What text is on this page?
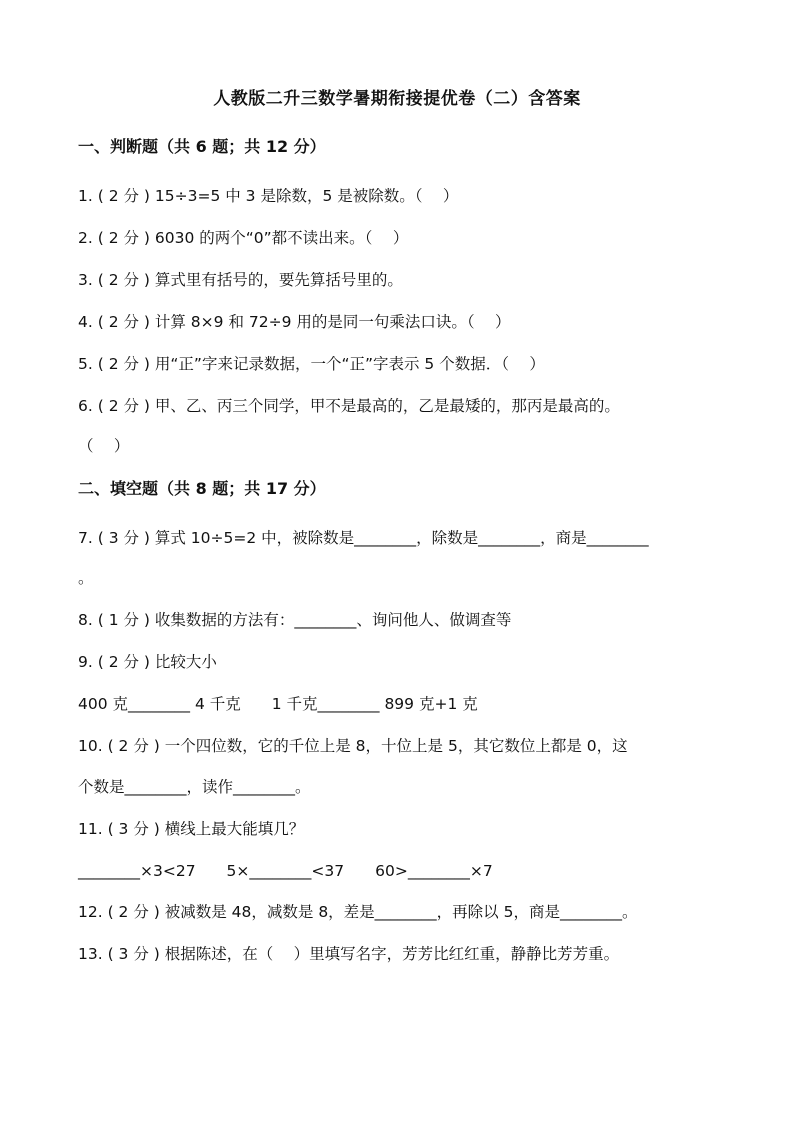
人教版二升三数学暑期衔接提优卷（二）含答案
一、判断题（共 6 题；共 12 分）
1. ( 2 分 ) 15÷3=5 中 3 是除数，5 是被除数。（　 ）
2. ( 2 分 ) 6030 的两个“0”都不读出来。（　 ）
3. ( 2 分 ) 算式里有括号的，要先算括号里的。
4. ( 2 分 ) 计算 8×9 和 72÷9 用的是同一句乘法口诀。（　 ）
5. ( 2 分 ) 用“正”字来记录数据，一个“正”字表示 5 个数据．（　 ）
6. ( 2 分 ) 甲、乙、丙三个同学，甲不是最高的，乙是最矮的，那丙是最高的。
（　 ）
二、填空题（共 8 题；共 17 分）
7. ( 3 分 ) 算式 10÷5=2 中，被除数是________，除数是________，商是________
。
8. ( 1 分 ) 收集数据的方法有：________、询问他人、做调查等
9. ( 2 分 ) 比较大小
400 克________ 4 千克　　1 千克________ 899 克+1 克
10. ( 2 分 ) 一个四位数，它的千位上是 8，十位上是 5，其它数位上都是 0，这
个数是________，读作________。
11. ( 3 分 ) 横线上最大能填几？
________×3<27　　5×________<37　　60>________×7
12. ( 2 分 ) 被减数是 48，减数是 8，差是________，再除以 5，商是________。
13. ( 3 分 ) 根据陈述，在（　 ）里填写名字，芳芳比红红重，静静比芳芳重。
